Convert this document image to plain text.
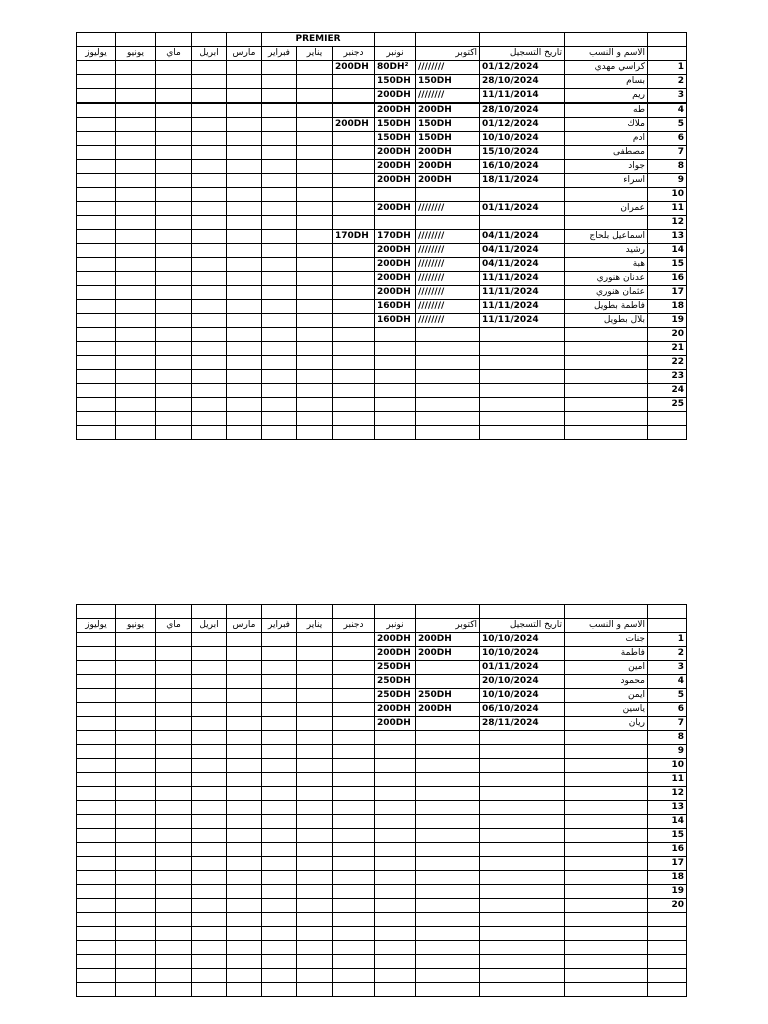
					PREMIER							
يوليوز	يونيو	ماي	ابريل	مارس	فبراير	يناير	دجنبر	نونبر	اكتوبر	تاريخ التسجيل	الاسم و النسب	
							200DH	80DH²	////////	01/12/2024	كراسي مهدي	1
								150DH	150DH	28/10/2024	بسام	2
								200DH	////////	11/11/2014	ريم	3
								200DH	200DH	28/10/2024	طه	4
							200DH	150DH	150DH	01/12/2024	ملاك	5
								150DH	150DH	10/10/2024	ادم	6
								200DH	200DH	15/10/2024	مصطفى	7
								200DH	200DH	16/10/2024	جواد	8
								200DH	200DH	18/11/2024	اسراء	9
												10
								200DH	////////	01/11/2024	عمران	11
												12
							170DH	170DH	////////	04/11/2024	اسماعيل بلحاج	13
								200DH	////////	04/11/2024	رشيد	14
								200DH	////////	04/11/2024	هبة	15
								200DH	////////	11/11/2024	عدنان هنوري	16
								200DH	////////	11/11/2024	عثمان هنوري	17
								160DH	////////	11/11/2024	فاطمة بطويل	18
								160DH	////////	11/11/2024	بلال بطويل	19
												20
												21
												22
												23
												24
												25

يوليوز	يونيو	ماي	ابريل	مارس	فبراير	يناير	دجنبر	نونبر	اكتوبر	تاريخ التسجيل	الاسم و النسب	
								200DH	200DH	10/10/2024	جنات	1
								200DH	200DH	10/10/2024	فاطمة	2
								250DH		01/11/2024	امين	3
								250DH		20/10/2024	محمود	4
								250DH	250DH	10/10/2024	ايمن	5
								200DH	200DH	06/10/2024	ياسين	6
								200DH		28/11/2024	ريان	7
												8
												9
												10
												11
												12
												13
												14
												15
												16
												17
												18
												19
												20
